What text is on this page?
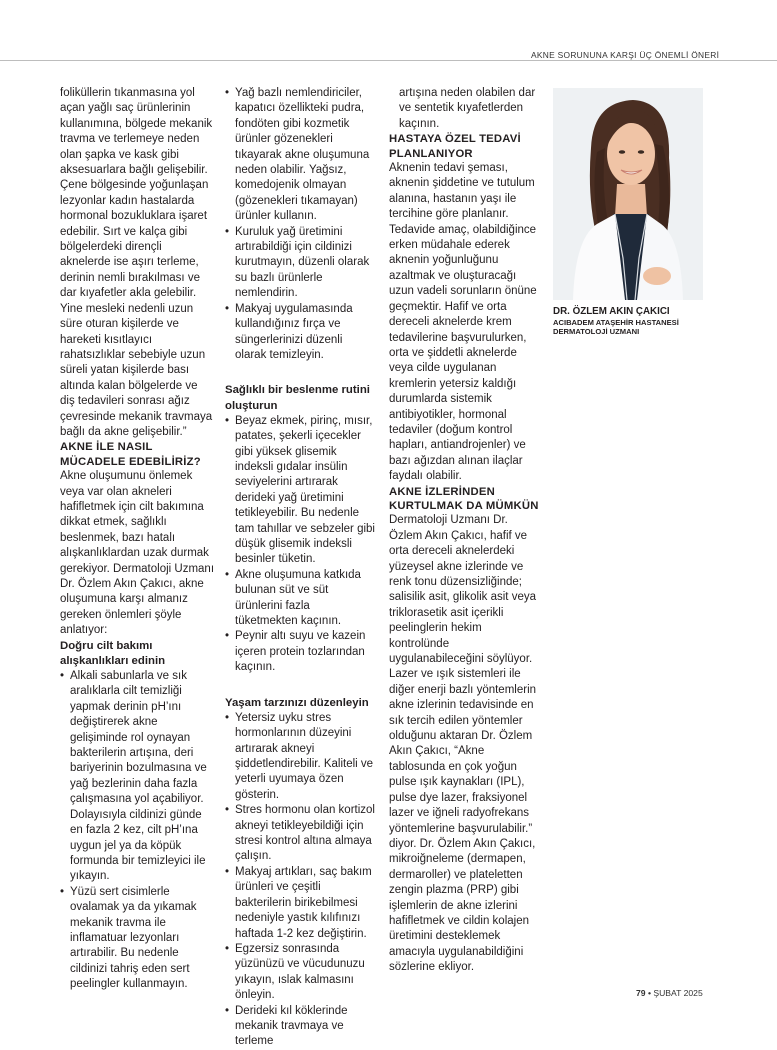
AKNE SORUNUNA KARŞI ÜÇ ÖNEMLİ ÖNERİ

foliküllerin tıkanmasına yol açan yağlı saç ürünlerinin kullanımına, bölgede mekanik travma ve terlemeye neden olan şapka ve kask gibi aksesuarlara bağlı gelişebilir. Çene bölgesinde yoğunlaşan lezyonlar kadın hastalarda hormonal bozukluklara işaret edebilir. Sırt ve kalça gibi bölgelerdeki dirençli aknelerde ise aşırı terleme, derinin nemli bırakılması ve dar kıyafetler akla gelebilir. Yine mesleki nedenli uzun süre oturan kişilerde ve hareketi kısıtlayıcı rahatsızlıklar sebebiyle uzun süreli yatan kişilerde bası altında kalan bölgelerde ve diş tedavileri sonrası ağız çevresinde mekanik travmaya bağlı da akne gelişebilir.”

AKNE İLE NASIL MÜCADELE EDEBİLİRİZ?

Akne oluşumunu önlemek veya var olan akneleri hafifletmek için cilt bakımına dikkat etmek, sağlıklı beslenmek, bazı hatalı alışkanlıklardan uzak durmak gerekiyor. Dermatoloji Uzmanı Dr. Özlem Akın Çakıcı, akne oluşumuna karşı almanız gereken önlemleri şöyle anlatıyor:

Doğru cilt bakımı alışkanlıkları edinin

• Alkali sabunlarla ve sık aralıklarla cilt temizliği yapmak derinin pH’ını değiştirerek akne gelişiminde rol oynayan bakterilerin artışına, deri bariyerinin bozulmasına ve yağ bezlerinin daha fazla çalışmasına yol açabiliyor. Dolayısıyla cildinizi günde en fazla 2 kez, cilt pH’ına uygun jel ya da köpük formunda bir temizleyici ile yıkayın.
• Yüzü sert cisimlerle ovalamak ya da yıkamak mekanik travma ile inflamatuar lezyonları artırabilir. Bu nedenle cildinizi tahriş eden sert peelingler kullanmayın.
• Yağ bazlı nemlendiriciler, kapatıcı özellikteki pudra, fondöten gibi kozmetik ürünler gözenekleri tıkayarak akne oluşumuna neden olabilir. Yağsız, komedojenik olmayan (gözenekleri tıkamayan) ürünler kullanın.
• Kuruluk yağ üretimini artırabildiği için cildinizi kurutmayın, düzenli olarak su bazlı ürünlerle nemlendirin.
• Makyaj uygulamasında kullandığınız fırça ve süngerlerinizi düzenli olarak temizleyin.

Sağlıklı bir beslenme rutini oluşturun

• Beyaz ekmek, pirinç, mısır, patates, şekerli içecekler gibi yüksek glisemik indeksli gıdalar insülin seviyelerini artırarak derideki yağ üretimini tetikleyebilir. Bu nedenle tam tahıllar ve sebzeler gibi düşük glisemik indeksli besinler tüketin.
• Akne oluşumuna katkıda bulunan süt ve süt ürünlerini fazla tüketmekten kaçının.
• Peynir altı suyu ve kazein içeren protein tozlarından kaçının.

Yaşam tarzınızı düzenleyin

• Yetersiz uyku stres hormonlarının düzeyini artırarak akneyi şiddetlendirebilir. Kaliteli ve yeterli uyumaya özen gösterin.
• Stres hormonu olan kortizol akneyi tetikleyebildiği için stresi kontrol altına almaya çalışın.
• Makyaj artıkları, saç bakım ürünleri ve çeşitli bakterilerin birikebilmesi nedeniyle yastık kılıfınızı haftada 1-2 kez değiştirin.
• Egzersiz sonrasında yüzünüzü ve vücudunuzu yıkayın, ıslak kalmasını önleyin.
• Derideki kıl köklerinde mekanik travmaya ve terleme

artışına neden olabilen dar ve sentetik kıyafetlerden kaçının.

HASTAYA ÖZEL TEDAVİ PLANLANIYOR

Aknenin tedavi şeması, aknenin şiddetine ve tutulum alanına, hastanın yaşı ile tercihine göre planlanır. Tedavide amaç, olabildiğince erken müdahale ederek aknenin yoğunluğunu azaltmak ve oluşturacağı uzun vadeli sorunların önüne geçmektir. Hafif ve orta dereceli aknelerde krem tedavilerine başvurulurken, orta ve şiddetli aknelerde veya cilde uygulanan kremlerin yetersiz kaldığı durumlarda sistemik antibiyotikler, hormonal tedaviler (doğum kontrol hapları, antiandrojenler) ve bazı ağızdan alınan ilaçlar faydalı olabilir.

AKNE İZLERİNDEN KURTULMAK DA MÜMKÜN

Dermatoloji Uzmanı Dr. Özlem Akın Çakıcı, hafif ve orta dereceli aknelerdeki yüzeysel akne izlerinde ve renk tonu düzensizliğinde; salisilik asit, glikolik asit veya triklorasetik asit içerikli peelinglerin hekim kontrolünde uygulanabileceğini söylüyor. Lazer ve ışık sistemleri ile diğer enerji bazlı yöntemlerin akne izlerinin tedavisinde en sık tercih edilen yöntemler olduğunu aktaran Dr. Özlem Akın Çakıcı, “Akne tablosunda en çok yoğun pulse ışık kaynakları (IPL), pulse dye lazer, fraksiyonel lazer ve iğneli radyofrekans yöntemlerine başvurulabilir.” diyor. Dr. Özlem Akın Çakıcı, mikroiğneleme (dermapen, dermaroller) ve plateletten zengin plazma (PRP) gibi işlemlerin de akne izlerini hafifletmek ve cildin kolajen üretimini desteklemek amacıyla uygulanabildiğini sözlerine ekliyor.

DR. ÖZLEM AKIN ÇAKICI
ACIBADEM ATAŞEHİR HASTANESİ
DERMATOLOJİ UZMANI
79 • ŞUBAT 2025
